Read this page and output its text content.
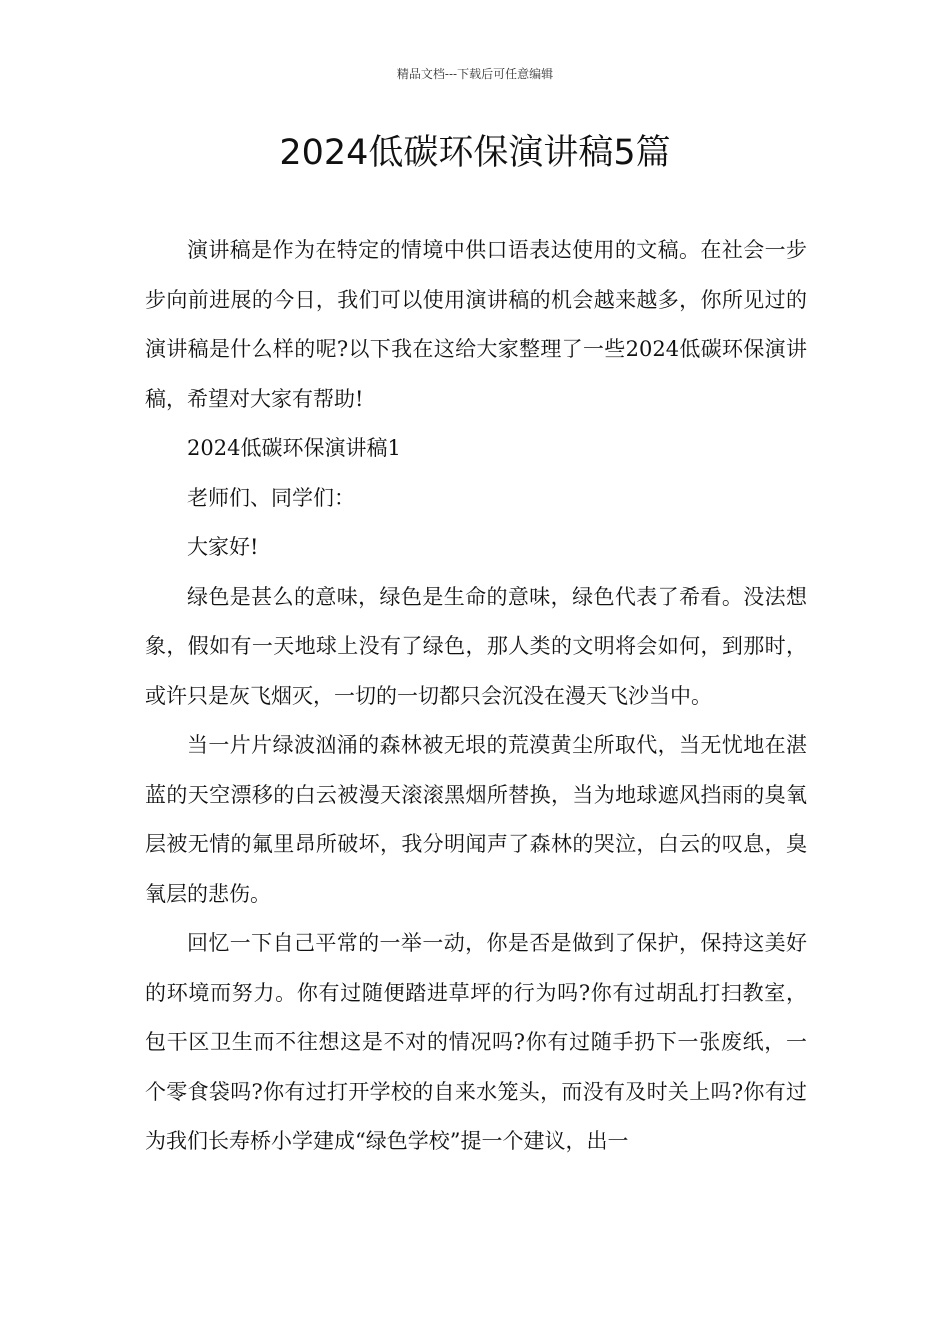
精品文档---下载后可任意编辑
2024低碳环保演讲稿5篇

演讲稿是作为在特定的情境中供口语表达使用的文稿。在社会一步步向前进展的今日，我们可以使用演讲稿的机会越来越多，你所见过的演讲稿是什么样的呢?以下我在这给大家整理了一些2024低碳环保演讲稿，希望对大家有帮助!

2024低碳环保演讲稿1

老师们、同学们：

大家好!

绿色是甚么的意味，绿色是生命的意味，绿色代表了希看。没法想象，假如有一天地球上没有了绿色，那人类的文明将会如何，到那时，或许只是灰飞烟灭，一切的一切都只会沉没在漫天飞沙当中。

当一片片绿波汹涌的森林被无垠的荒漠黄尘所取代，当无忧地在湛蓝的天空漂移的白云被漫天滚滚黑烟所替换，当为地球遮风挡雨的臭氧层被无情的氟里昂所破坏，我分明闻声了森林的哭泣，白云的叹息，臭氧层的悲伤。

回忆一下自己平常的一举一动，你是否是做到了保护，保持这美好的环境而努力。你有过随便踏进草坪的行为吗?你有过胡乱打扫教室，包干区卫生而不往想这是不对的情况吗?你有过随手扔下一张废纸，一个零食袋吗?你有过打开学校的自来水笼头，而没有及时关上吗?你有过为我们长寿桥小学建成“绿色学校”提一个建议，出一
